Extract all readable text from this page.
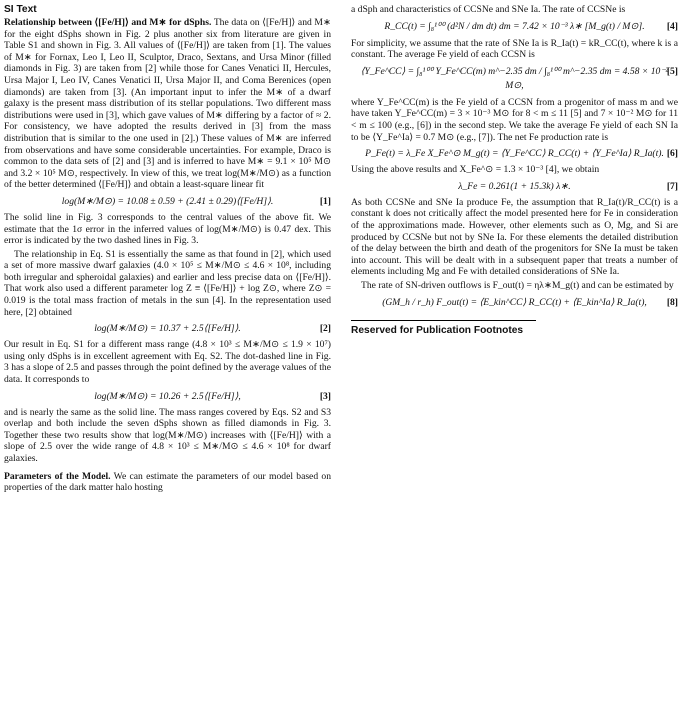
SI Text

Relationship between ⟨[Fe/H]⟩ and M∗ for dSphs. The data on ⟨[Fe/H]⟩ and M∗ for the eight dSphs shown in Fig. 2 plus another six from literature are given in Table S1 and shown in Fig. 3. All values of ⟨[Fe/H]⟩ are taken from [1]. The values of M∗ for Fornax, Leo I, Leo II, Sculptor, Draco, Sextans, and Ursa Minor (filled diamonds in Fig. 3) are taken from [2] while those for Canes Venatici II, Hercules, Ursa Major I, Leo IV, Canes Venatici II, Ursa Major II, and Coma Berenices (open diamonds) are taken from [3]. (An important input to infer the M∗ of a dwarf galaxy is the present mass distribution of its stellar populations. Two different mass distributions were used in [3], which gave values of M∗ differing by a factor of ≈ 2. For consistency, we have adopted the results derived in [3] from the mass distribution that is similar to the one used in [2].) These values of M∗ are inferred from observations and have some considerable uncertainties. For example, Draco is common to the data sets of [2] and [3] and is inferred to have M∗ = 9.1 × 10⁵ M⊙ and 3.2 × 10⁵ M⊙, respectively. In view of this, we treat log(M∗/M⊙) as a function of the better determined ⟨[Fe/H]⟩ and obtain a least-square linear fit

log(M∗/M⊙) = 10.08 ± 0.59 + (2.41 ± 0.29)⟨[Fe/H]⟩.	[1]

The solid line in Fig. 3 corresponds to the central values of the above fit. We estimate that the 1σ error in the inferred values of log(M∗/M⊙) is 0.47 dex. This error is indicated by the two dashed lines in Fig. 3.

The relationship in Eq. S1 is essentially the same as that found in [2], which used a set of more massive dwarf galaxies (4.0 × 10⁵ ≤ M∗/M⊙ ≤ 4.6 × 10⁸, including both irregular and spheroidal galaxies) and earlier and less precise data on ⟨[Fe/H]⟩. That work also used a different parameter log Z ≡ ⟨[Fe/H]⟩ + log Z⊙, where Z⊙ = 0.019 is the total mass fraction of metals in the sun [4]. In the representation used here, [2] obtained

log(M∗/M⊙) = 10.37 + 2.5⟨[Fe/H]⟩.	[2]

Our result in Eq. S1 for a different mass range (4.8 × 10³ ≤ M∗/M⊙ ≤ 1.9 × 10⁷) using only dSphs is in excellent agreement with Eq. S2. The dot-dashed line in Fig. 3 has a slope of 2.5 and passes through the point defined by the average values of the data. It corresponds to

log(M∗/M⊙) = 10.26 + 2.5⟨[Fe/H]⟩,	[3]

and is nearly the same as the solid line. The mass ranges covered by Eqs. S2 and S3 overlap and both include the seven dSphs shown as filled diamonds in Fig. 3. Together these two results show that log(M∗/M⊙) increases with ⟨[Fe/H]⟩ with a slope of 2.5 over the wide range of 4.8 × 10³ ≤ M∗/M⊙ ≤ 4.6 × 10⁸ for dwarf galaxies.

Parameters of the Model. We can estimate the parameters of our model based on properties of the dark matter halo hosting

a dSph and characteristics of CCSNe and SNe Ia. The rate of CCSNe is

R_CC(t) = ∫₈¹⁰⁰ (d²N / dm dt) dm = 7.42 × 10⁻³ λ∗ [M_g(t) / M⊙]. [4]

For simplicity, we assume that the rate of SNe Ia is R_Ia(t) = kR_CC(t), where k is a constant. The average Fe yield of each CCSN is

⟨Y_Fe^CC⟩ = ∫₈¹⁰⁰ Y_Fe^CC(m) m^−2.35 dm / ∫₈¹⁰⁰ m^−2.35 dm = 4.58 × 10⁻² M⊙,
[5]

where Y_Fe^CC(m) is the Fe yield of a CCSN from a progenitor of mass m and we have taken Y_Fe^CC(m) = 3 × 10⁻³ M⊙ for 8 < m ≤ 11 [5] and 7 × 10⁻² M⊙ for 11 < m ≤ 100 (e.g., [6]) in the second step. We take the average Fe yield of each SN Ia to be ⟨Y_Fe^Ia⟩ = 0.7 M⊙ (e.g., [7]). The net Fe production rate is

P_Fe(t) = λ_Fe X_Fe^⊙ M_g(t) = ⟨Y_Fe^CC⟩ R_CC(t) + ⟨Y_Fe^Ia⟩ R_Ia(t). [6]

Using the above results and X_Fe^⊙ = 1.3 × 10⁻³ [4], we obtain

λ_Fe = 0.261(1 + 15.3k) λ∗.	[7]

As both CCSNe and SNe Ia produce Fe, the assumption that R_Ia(t)/R_CC(t) is a constant k does not critically affect the model presented here for Fe in consideration of the approximations made. However, other elements such as O, Mg, and Si are produced by CCSNe but not by SNe Ia. For these elements the detailed distribution of the delay between the birth and death of the progenitors for SNe Ia must be taken into account. This will be dealt with in a subsequent paper that treats a number of elements including Mg and Fe with detailed considerations of SNe Ia.

The rate of SN-driven outflows is F_out(t) = ηλ∗M_g(t) and can be estimated by

(GM_h / r_h) F_out(t) = ⟨E_kin^CC⟩ R_CC(t) + ⟨E_kin^Ia⟩ R_Ia(t), [8]
Reserved for Publication Footnotes
